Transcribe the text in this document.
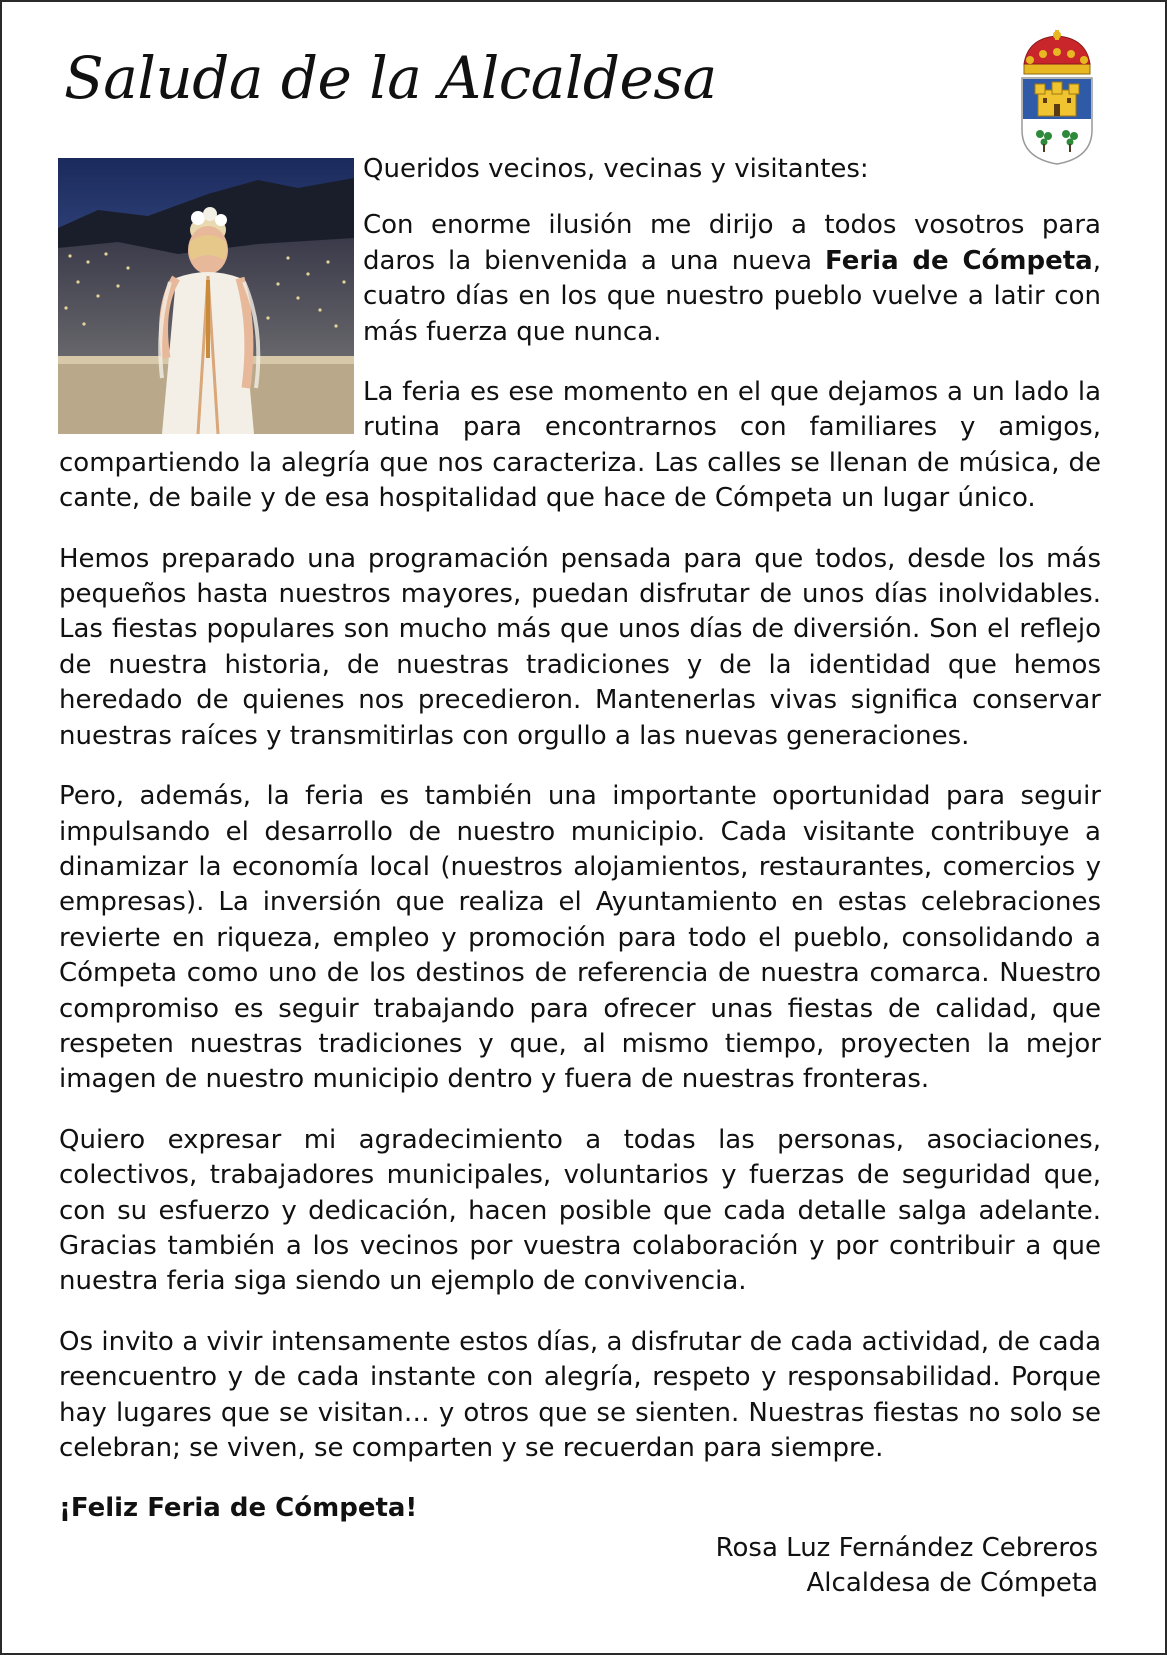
Saluda de la Alcaldesa

Queridos vecinos, vecinas y visitantes:

Con enorme ilusión me dirijo a todos vosotros para daros la bienvenida a una nueva Feria de Cómpeta, cuatro días en los que nuestro pueblo vuelve a latir con más fuerza que nunca.

La feria es ese momento en el que dejamos a un lado la rutina para encontrarnos con familiares y amigos, compartiendo la alegría que nos caracteriza. Las calles se llenan de música, de cante, de baile y de esa hospitalidad que hace de Cómpeta un lugar único.

Hemos preparado una programación pensada para que todos, desde los más pequeños hasta nuestros mayores, puedan disfrutar de unos días inolvidables. Las fiestas populares son mucho más que unos días de diversión. Son el reflejo de nuestra historia, de nuestras tradiciones y de la identidad que hemos heredado de quienes nos precedieron. Mantenerlas vivas significa conservar nuestras raíces y transmitirlas con orgullo a las nuevas generaciones.

Pero, además, la feria es también una importante oportunidad para seguir impulsando el desarrollo de nuestro municipio. Cada visitante contribuye a dinamizar la economía local (nuestros alojamientos, restaurantes, comercios y empresas). La inversión que realiza el Ayuntamiento en estas celebraciones revierte en riqueza, empleo y promoción para todo el pueblo, consolidando a Cómpeta como uno de los destinos de referencia de nuestra comarca. Nuestro compromiso es seguir trabajando para ofrecer unas fiestas de calidad, que respeten nuestras tradiciones y que, al mismo tiempo, proyecten la mejor imagen de nuestro municipio dentro y fuera de nuestras fronteras.

Quiero expresar mi agradecimiento a todas las personas, asociaciones, colectivos, trabajadores municipales, voluntarios y fuerzas de seguridad que, con su esfuerzo y dedicación, hacen posible que cada detalle salga adelante. Gracias también a los vecinos por vuestra colaboración y por contribuir a que nuestra feria siga siendo un ejemplo de convivencia.

Os invito a vivir intensamente estos días, a disfrutar de cada actividad, de cada reencuentro y de cada instante con alegría, respeto y responsabilidad. Porque hay lugares que se visitan… y otros que se sienten. Nuestras fiestas no solo se celebran; se viven, se comparten y se recuerdan para siempre.

¡Feliz Feria de Cómpeta!

Rosa Luz Fernández Cebreros
Alcaldesa de Cómpeta
